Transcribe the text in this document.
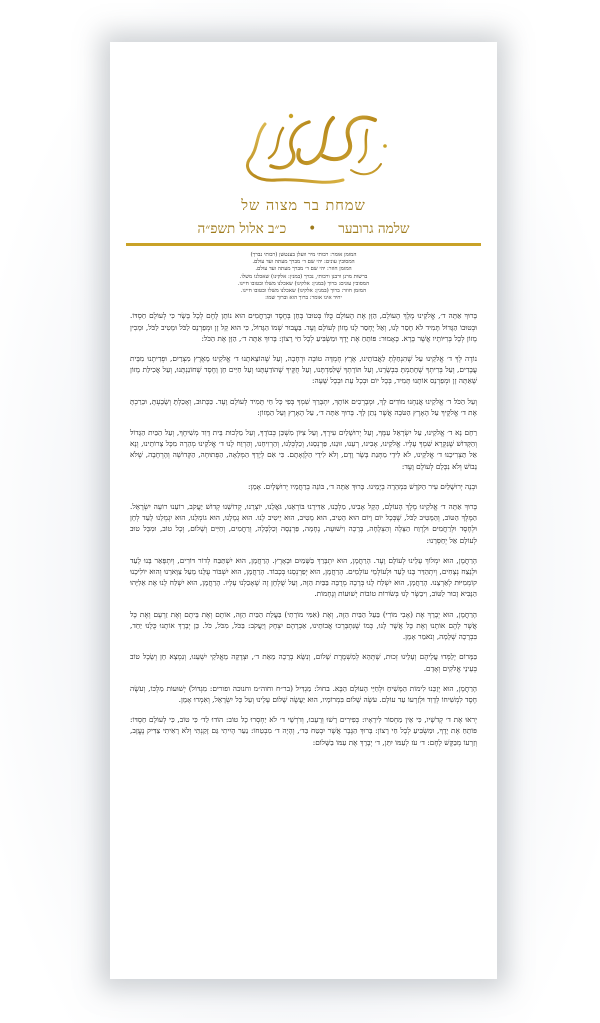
שמחת בר מצוה של
שלמה גרובער
•
כ״ב אלול תשפ״ה
המזמן אומר: רבותי מיר וועלן בענטשן (רבותי נברך)
המסובין עונים: יהי שם ד׳ מברך מעתה ועד עולם.
המזמן חוזר: יהי שם ד׳ מברך מעתה ועד עולם.
ברשות מרנן ורבנן ורבותי, נברך (במנין: אלקינו) שאכלנו משלו.
המסובין עונים: ברוך (במנין: אלקינו) שאכלנו משלו ובטובו חיינו.
המזמן חוזר: ברוך (במנין: אלקינו) שאכלנו משלו ובטובו חיינו.
יחיד אינו אומר: ברוך הוא וברוך שמו:

בָּרוּךְ אַתָּה ד׳, אֱלֹקֵינוּ מֶלֶךְ הָעוֹלָם, הַזָּן אֶת הָעוֹלָם כֻּלּוֹ בְּטוּבוֹ בְּחֵן בְּחֶסֶד וּבְרַחֲמִים הוּא נוֹתֵן לֶחֶם לְכָל בָּשָׂר כִּי לְעוֹלָם חַסְדּוֹ. וּבְטוּבוֹ הַגָּדוֹל תָּמִיד לֹא חָסַר לָנוּ, וְאַל יֶחְסַר לָנוּ מָזוֹן לְעוֹלָם וָעֶד. בַּעֲבוּר שְׁמוֹ הַגָּדוֹל, כִּי הוּא קֵל זָן וּמְפַרְנֵס לַכֹּל וּמֵטִיב לַכֹּל, וּמֵכִין מָזוֹן לְכָל בְּרִיּוֹתָיו אֲשֶׁר בָּרָא. כָּאָמוּר: פּוֹתֵחַ אֶת יָדֶךָ וּמַשְׂבִּיעַ לְכָל חַי רָצוֹן: בָּרוּךְ אַתָּה ד׳, הַזָּן אֶת הַכֹּל:

נוֹדֶה לְּךָ ד׳ אֱלֹקֵינוּ עַל שֶׁהִנְחַלְתָּ לַאֲבוֹתֵינוּ, אֶרֶץ חֶמְדָּה טוֹבָה וּרְחָבָה, וְעַל שֶׁהוֹצֵאתָנוּ ד׳ אֱלֹקֵינוּ מֵאֶרֶץ מִצְרַיִם, וּפְדִיתָנוּ מִבֵּית עֲבָדִים, וְעַל בְּרִיתְךָ שֶׁחָתַמְתָּ בִּבְשָׂרֵנוּ, וְעַל תּוֹרָתְךָ שֶׁלִּמַּדְתָּנוּ, וְעַל חֻקֶּיךָ שֶׁהוֹדַעְתָּנוּ וְעַל חַיִּים חֵן וָחֶסֶד שֶׁחוֹנַנְתָּנוּ, וְעַל אֲכִילַת מָזוֹן שָׁאַתָּה זָן וּמְפַרְנֵס אוֹתָנוּ תָּמִיד, בְּכָל יוֹם וּבְכָל עֵת וּבְכָל שָׁעָה:

וְעַל הַכֹּל ד׳ אֱלֹקֵינוּ אֲנַחְנוּ מוֹדִים לָךְ, וּמְבָרְכִים אוֹתָךְ, יִתְבָּרַךְ שִׁמְךָ בְּפִי כָּל חַי תָּמִיד לְעוֹלָם וָעֶד. כַּכָּתוּב, וְאָכַלְתָּ וְשָׂבָעְתָּ, וּבֵרַכְתָּ אֶת ד׳ אֱלֹקֶיךָ עַל הָאָרֶץ הַטֹּבָה אֲשֶׁר נָתַן לָךְ. בָּרוּךְ אַתָּה ד׳, עַל הָאָרֶץ וְעַל הַמָּזוֹן:

רַחֵם נָא ד׳ אֱלֹקֵינוּ, עַל יִשְׂרָאֵל עַמֶּךָ, וְעַל יְרוּשָׁלַיִם עִירֶךָ, וְעַל צִיּוֹן מִשְׁכַּן כְּבוֹדֶךָ, וְעַל מַלְכוּת בֵּית דָּוִד מְשִׁיחֶךָ, וְעַל הַבַּיִת הַגָּדוֹל וְהַקָּדוֹשׁ שֶׁנִּקְרָא שִׁמְךָ עָלָיו. אֱלֹקֵינוּ, אָבִינוּ, רְעֵנוּ, זוּנֵנוּ, פַּרְנְסֵנוּ, וְכַלְכְּלֵנוּ, וְהַרְוִיחֵנוּ, וְהַרְוַח לָנוּ ד׳ אֱלֹקֵינוּ מְהֵרָה מִכָּל צָרוֹתֵינוּ, וְנָא אַל תַּצְרִיכֵנוּ ד׳ אֱלֹקֵינוּ, לֹא לִידֵי מַתְּנַת בָּשָׂר וָדָם, וְלֹא לִידֵי הַלְוָאָתָם. כִּי אִם לְיָדְךָ הַמְּלֵאָה, הַפְּתוּחָה, הַקְּדוֹשָׁה וְהָרְחָבָה, שֶׁלֹּא נֵבוֹשׁ וְלֹא נִכָּלֵם לְעוֹלָם וָעֶד:

וּבְנֵה יְרוּשָׁלַיִם עִיר הַקֹּדֶשׁ בִּמְהֵרָה בְיָמֵינוּ. בָּרוּךְ אַתָּה ד׳, בּוֹנֵה בְרַחֲמָיו יְרוּשָׁלָיִם. אָמֵן:

בָּרוּךְ אַתָּה ד׳ אֱלֹקֵינוּ מֶלֶךְ הָעוֹלָם, הָקֵל אָבִינוּ, מַלְכֵּנוּ, אַדִּירֵנוּ בּוֹרְאֵנוּ, גֹּאֲלֵנוּ, יוֹצְרֵנוּ, קְדוֹשֵׁנוּ קְדוֹשׁ יַעֲקֹב, רוֹעֵנוּ רוֹעֵה יִשְׂרָאֵל. הַמֶּלֶךְ הַטּוֹב, וְהַמֵּטִיב לַכֹּל, שֶׁבְּכָל יוֹם וָיוֹם הוּא הֵטִיב, הוּא מֵטִיב, הוּא יֵיטִיב לָנוּ. הוּא גְמָלָנוּ, הוּא גוֹמְלֵנוּ, הוּא יִגְמְלֵנוּ לָעַד לְחֵן וּלְחֶסֶד וּלְרַחֲמִים וּלְרֶוַח הַצָּלָה וְהַצְלָחָה, בְּרָכָה וִישׁוּעָה, נֶחָמָה, פַּרְנָסָה וְכַלְכָּלָה, וְרַחֲמִים, וְחַיִּים וְשָׁלוֹם, וְכָל טוֹב, וּמִכָּל טוּב לְעוֹלָם אַל יְחַסְּרֵנוּ:

הָרַחֲמָן, הוּא יִמְלוֹךְ עָלֵינוּ לְעוֹלָם וָעֶד. הָרַחֲמָן, הוּא יִתְבָּרַךְ בַּשָּׁמַיִם וּבָאָרֶץ. הָרַחֲמָן, הוּא יִשְׁתַּבַּח לְדוֹר דּוֹרִים, וְיִתְפָּאַר בָּנוּ לָעַד וּלְנֵצַח נְצָחִים, וְיִתְהַדַּר בָּנוּ לָעַד וּלְעוֹלְמֵי עוֹלָמִים. הָרַחֲמָן, הוּא יְפַרְנְסֵנוּ בְּכָבוֹד. הָרַחֲמָן, הוּא יִשְׁבּוֹר עֻלֵּנוּ מֵעַל צַוָּארֵנוּ וְהוּא יוֹלִיכֵנוּ קוֹמְמִיּוּת לְאַרְצֵנוּ. הָרַחֲמָן, הוּא יִשְׁלַח לָנוּ בְּרָכָה מְרֻבָּה בַּבַּיִת הַזֶּה, וְעַל שֻׁלְחָן זֶה שֶׁאָכַלְנוּ עָלָיו. הָרַחֲמָן, הוּא יִשְׁלַח לָנוּ אֶת אֵלִיָּהוּ הַנָּבִיא זָכוּר לַטּוֹב, וִיבַשֶּׂר לָנוּ בְּשׂוֹרוֹת טוֹבוֹת יְשׁוּעוֹת וְנֶחָמוֹת.

הָרַחֲמָן, הוּא יְבָרֵךְ אֶת (אָבִי מוֹרִי) בַּעַל הַבַּיִת הַזֶּה, וְאֶת (אִמִּי מוֹרָתִי) בַּעֲלַת הַבַּיִת הַזֶּה, אוֹתָם וְאֶת בֵּיתָם וְאֶת זַרְעָם וְאֶת כָּל אֲשֶׁר לָהֶם אוֹתָנוּ וְאֶת כָּל אֲשֶׁר לָנוּ, כְּמוֹ שֶׁנִּתְבָּרְכוּ אֲבוֹתֵינוּ, אַבְרָהָם יִצְחָק וְיַעֲקֹב: בַּכֹּל, מִכֹּל, כֹּל. כֵּן יְבָרֵךְ אוֹתָנוּ כֻּלָּנוּ יַחַד, בִּבְרָכָה שְׁלֵמָה, וְנֹאמַר אָמֵן.

בַּמָּרוֹם יְלַמְּדוּ עֲלֵיהֶם וְעָלֵינוּ זְכוּת, שֶׁתְּהֵא לְמִשְׁמֶרֶת שָׁלוֹם, וְנִשָּׂא בְרָכָה מֵאֵת ד׳, וּצְדָקָה מֵאֱלֹקֵי יִשְׁעֵנוּ, וְנִמְצָא חֵן וְשֵׂכֶל טוֹב בְּעֵינֵי אֱלֹקִים וְאָדָם.

הָרַחֲמָן, הוּא יְזַכֵּנוּ לִימוֹת הַמָּשִׁיחַ וּלְחַיֵּי הָעוֹלָם הַבָּא. בחול: מַגְדִּיל (בר״ח וחוה״מ וחנוכה ופורים: מִגְדּוֹל) יְשׁוּעוֹת מַלְכּוֹ, וְעֹשֶׂה חֶסֶד לִמְשִׁיחוֹ לְדָוִד וּלְזַרְעוֹ עַד עוֹלָם. עֹשֶׂה שָׁלוֹם בִּמְרוֹמָיו, הוּא יַעֲשֶׂה שָׁלוֹם עָלֵינוּ וְעַל כָּל יִשְׂרָאֵל, וְאִמְרוּ אָמֵן.

יְראוּ אֶת ד׳ קְדֹשָׁיו, כִּי אֵין מַחְסוֹר לִירֵאָיו: כְּפִירִים רָשׁוּ וְרָעֵבוּ, וְדֹרְשֵׁי ד׳ לֹא יַחְסְרוּ כָל טוֹב: הוֹדוּ לַד׳ כִּי טוֹב, כִּי לְעוֹלָם חַסְדּוֹ: פּוֹתֵחַ אֶת יָדֶךָ, וּמַשְׂבִּיעַ לְכָל חַי רָצוֹן: בָּרוּךְ הַגֶּבֶר אֲשֶׁר יִבְטַח בַּד׳, וְהָיָה ד׳ מִבְטַחוֹ: נַעַר הָיִיתִי גַּם זָקַנְתִּי וְלֹא רָאִיתִי צַדִּיק נֶעֱזָב, וְזַרְעוֹ מְבַקֶּשׁ לָחֶם: ד׳ עֹז לְעַמּוֹ יִתֵּן, ד׳ יְבָרֵךְ אֶת עַמּוֹ בַשָּׁלוֹם:
